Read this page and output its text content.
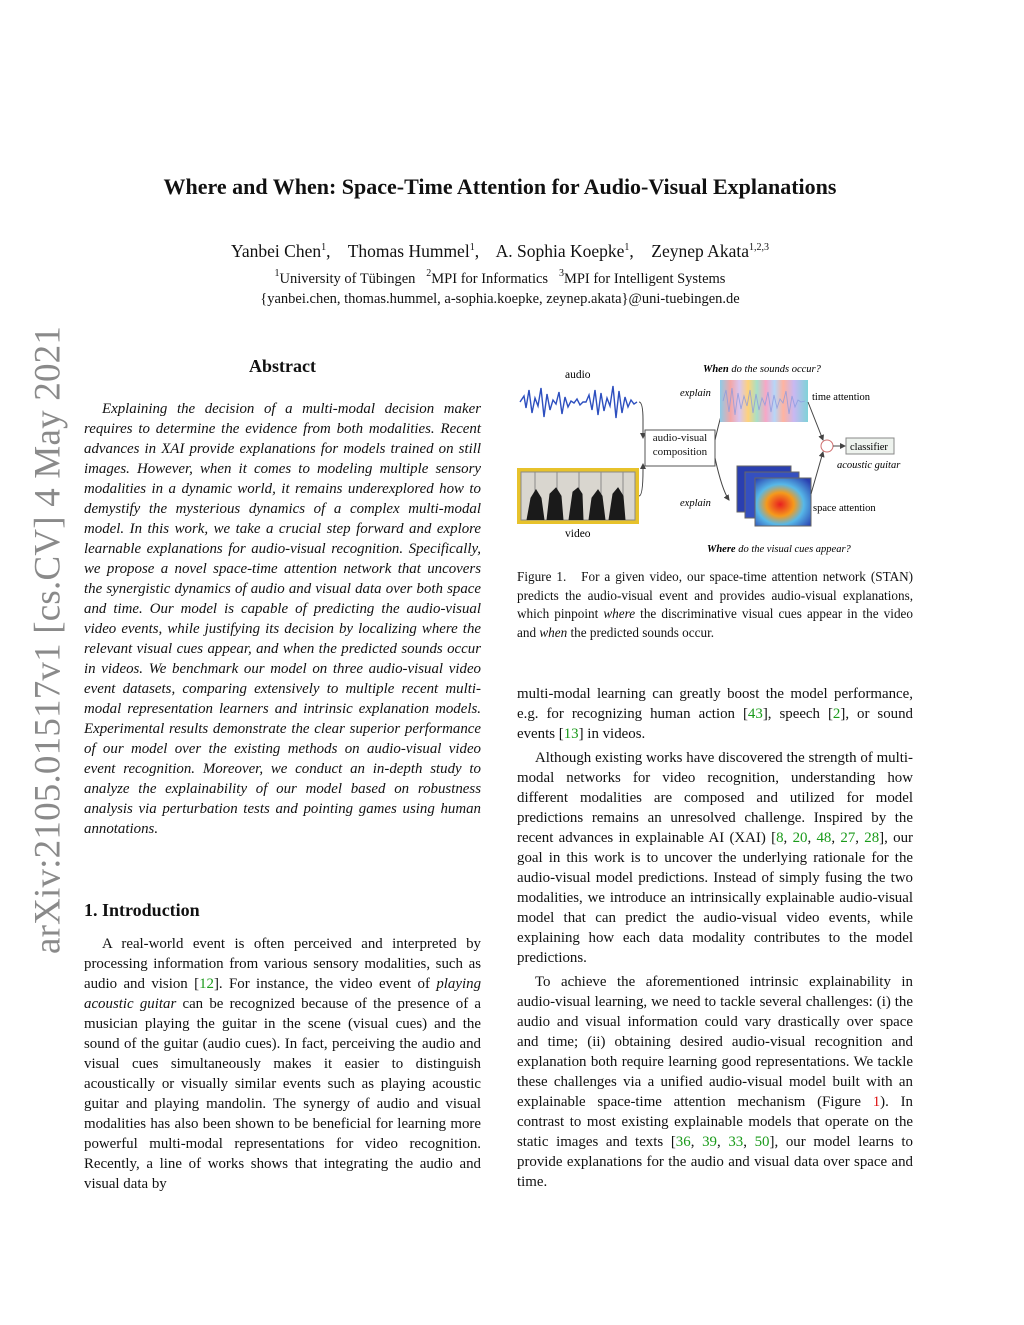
arXiv:2105.01517v1 [cs.CV] 4 May 2021
Where and When: Space-Time Attention for Audio-Visual Explanations
Yanbei Chen$^1$,    Thomas Hummel$^1$,    A. Sophia Koepke$^1$,    Zeynep Akata$^{1,2,3}$
$^1$University of Tübingen $^2$MPI for Informatics $^3$MPI for Intelligent Systems
{yanbei.chen, thomas.hummel, a-sophia.koepke, zeynep.akata}@uni-tuebingen.de
Abstract

Explaining the decision of a multi-modal decision maker requires to determine the evidence from both modalities. Recent advances in XAI provide explanations for models trained on still images. However, when it comes to modeling multiple sensory modalities in a dynamic world, it remains underexplored how to demystify the mysterious dynamics of a complex multi-modal model. In this work, we take a crucial step forward and explore learnable explanations for audio-visual recognition. Specifically, we propose a novel space-time attention network that uncovers the synergistic dynamics of audio and visual data over both space and time. Our model is capable of predicting the audio-visual video events, while justifying its decision by localizing where the relevant visual cues appear, and when the predicted sounds occur in videos. We benchmark our model on three audio-visual video event datasets, comparing extensively to multiple recent multi-modal representation learners and intrinsic explanation models. Experimental results demonstrate the clear superior performance of our model over the existing methods on audio-visual video event recognition. Moreover, we conduct an in-depth study to analyze the explainability of our model based on robustness analysis via perturbation tests and pointing games using human annotations.

1. Introduction

A real-world event is often perceived and interpreted by processing information from various sensory modalities, such as audio and vision [12]. For instance, the video event of playing acoustic guitar can be recognized because of the presence of a musician playing the guitar in the scene (visual cues) and the sound of the guitar (audio cues). In fact, perceiving the audio and visual cues simultaneously makes it easier to distinguish acoustically or visually similar events such as playing acoustic guitar and playing mandolin. The synergy of audio and visual modalities has also been shown to be beneficial for learning more powerful multi-modal representations for video recognition. Recently, a line of works shows that integrating the audio and visual data by

audio
video
audio-visual composition
explain
explain
When do the sounds occur?
time attention
space attention
classifier
acoustic guitar
Where do the visual cues appear?
Figure 1. For a given video, our space-time attention network (STAN) predicts the audio-visual event and provides audio-visual explanations, which pinpoint where the discriminative visual cues appear in the video and when the predicted sounds occur.

multi-modal learning can greatly boost the model performance, e.g. for recognizing human action [43], speech [2], or sound events [13] in videos.

Although existing works have discovered the strength of multi-modal networks for video recognition, understanding how different modalities are composed and utilized for model predictions remains an unresolved challenge. Inspired by the recent advances in explainable AI (XAI) [8, 20, 48, 27, 28], our goal in this work is to uncover the underlying rationale for the audio-visual model predictions. Instead of simply fusing the two modalities, we introduce an intrinsically explainable audio-visual model that can predict the audio-visual video events, while explaining how each data modality contributes to the model predictions.

To achieve the aforementioned intrinsic explainability in audio-visual learning, we need to tackle several challenges: (i) the audio and visual information could vary drastically over space and time; (ii) obtaining desired audio-visual recognition and explanation both require learning good representations. We tackle these challenges via a unified audio-visual model built with an explainable space-time attention mechanism (Figure 1). In contrast to most existing explainable models that operate on the static images and texts [36, 39, 33, 50], our model learns to provide explanations for the audio and visual data over space and time.
